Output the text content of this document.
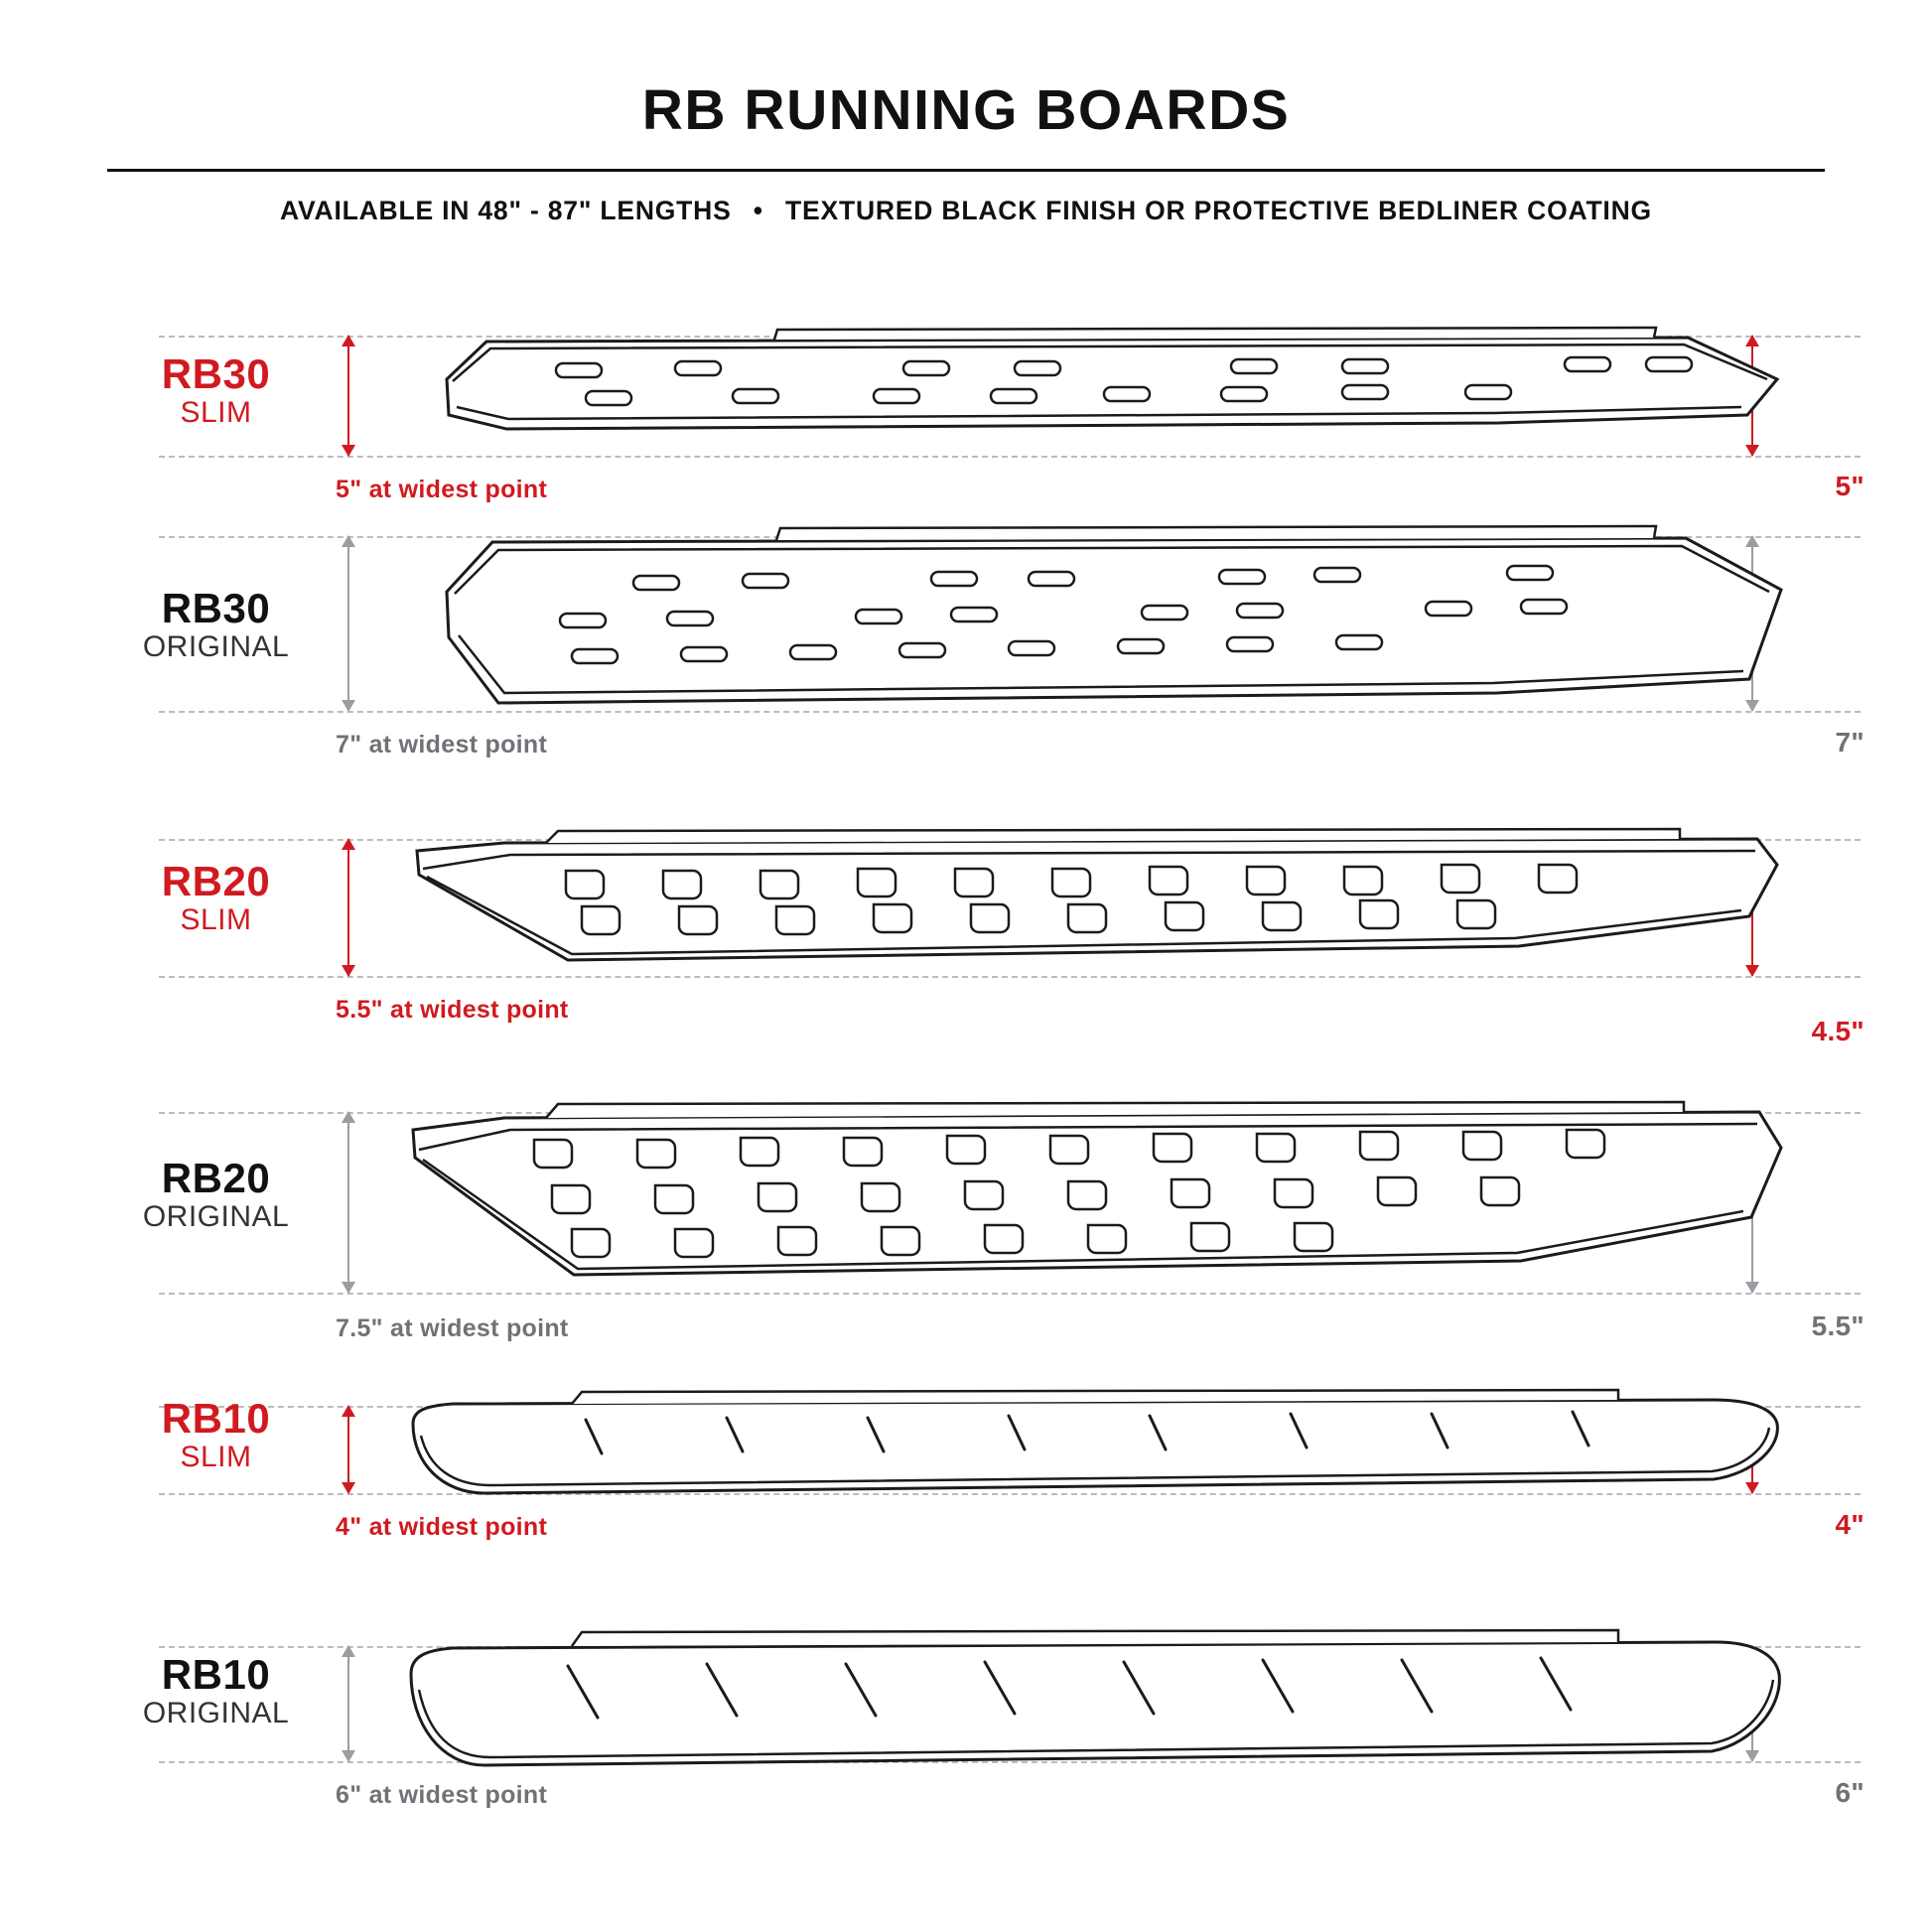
RB RUNNING BOARDS
AVAILABLE IN 48" - 87" LENGTHS • TEXTURED BLACK FINISH OR PROTECTIVE BEDLINER COATING
RB30
SLIM
5" at widest point	5"
RB30
ORIGINAL
7" at widest point	7"
RB20
SLIM
5.5" at widest point
4.5"
RB20
ORIGINAL
7.5" at widest point	5.5"
RB10
SLIM
4" at widest point	4"
RB10
ORIGINAL
6" at widest point	6"
